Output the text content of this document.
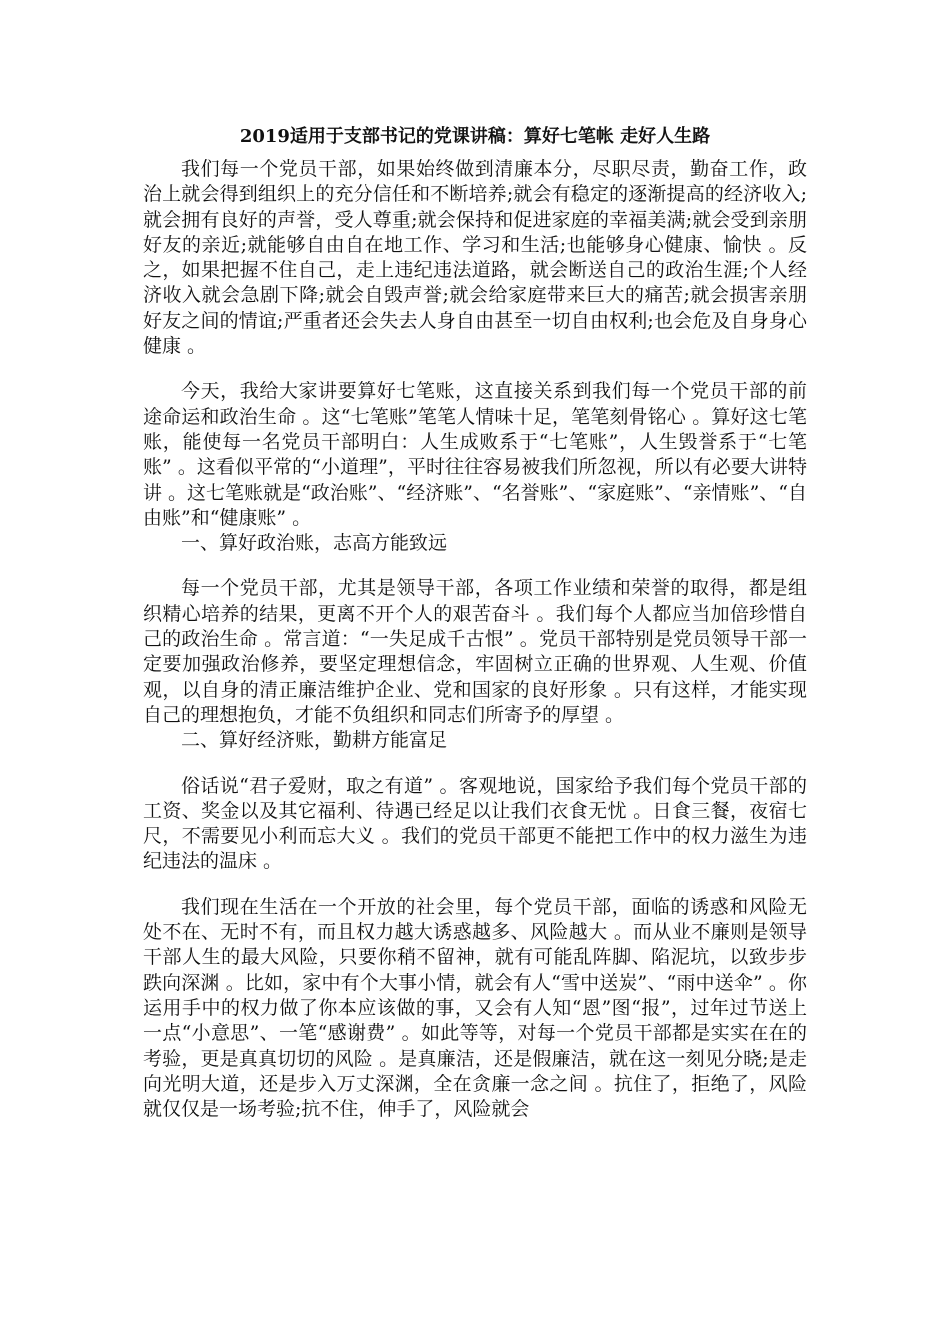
2019适用于支部书记的党课讲稿：算好七笔帐 走好人生路

我们每一个党员干部，如果始终做到清廉本分，尽职尽责，勤奋工作，政治上就会得到组织上的充分信任和不断培养;就会有稳定的逐渐提高的经济收入;就会拥有良好的声誉，受人尊重;就会保持和促进家庭的幸福美满;就会受到亲朋好友的亲近;就能够自由自在地工作、学习和生活;也能够身心健康、愉快 。反之，如果把握不住自己，走上违纪违法道路，就会断送自己的政治生涯;个人经济收入就会急剧下降;就会自毁声誉;就会给家庭带来巨大的痛苦;就会损害亲朋好友之间的情谊;严重者还会失去人身自由甚至一切自由权利;也会危及自身身心健康 。

今天，我给大家讲要算好七笔账，这直接关系到我们每一个党员干部的前途命运和政治生命 。这“七笔账”笔笔人情味十足，笔笔刻骨铭心 。算好这七笔账，能使每一名党员干部明白：人生成败系于“七笔账”，人生毁誉系于“七笔账” 。这看似平常的“小道理”，平时往往容易被我们所忽视，所以有必要大讲特讲 。这七笔账就是“政治账”、“经济账”、“名誉账”、“家庭账”、“亲情账”、“自由账”和“健康账” 。

一、算好政治账，志高方能致远

每一个党员干部，尤其是领导干部，各项工作业绩和荣誉的取得，都是组织精心培养的结果，更离不开个人的艰苦奋斗 。我们每个人都应当加倍珍惜自己的政治生命 。常言道：“一失足成千古恨” 。党员干部特别是党员领导干部一定要加强政治修养，要坚定理想信念，牢固树立正确的世界观、人生观、价值观，以自身的清正廉洁维护企业、党和国家的良好形象 。只有这样，才能实现自己的理想抱负，才能不负组织和同志们所寄予的厚望 。

二、算好经济账，勤耕方能富足

俗话说“君子爱财，取之有道” 。客观地说，国家给予我们每个党员干部的工资、奖金以及其它福利、待遇已经足以让我们衣食无忧 。日食三餐，夜宿七尺，不需要见小利而忘大义 。我们的党员干部更不能把工作中的权力滋生为违纪违法的温床 。

我们现在生活在一个开放的社会里，每个党员干部，面临的诱惑和风险无处不在、无时不有，而且权力越大诱惑越多、风险越大 。而从业不廉则是领导干部人生的最大风险，只要你稍不留神，就有可能乱阵脚、陷泥坑，以致步步跌向深渊 。比如，家中有个大事小情，就会有人“雪中送炭”、“雨中送伞” 。你运用手中的权力做了你本应该做的事，又会有人知“恩”图“报”，过年过节送上一点“小意思”、一笔“感谢费” 。如此等等，对每一个党员干部都是实实在在的考验，更是真真切切的风险 。是真廉洁，还是假廉洁，就在这一刻见分晓;是走向光明大道，还是步入万丈深渊，全在贪廉一念之间 。抗住了，拒绝了，风险就仅仅是一场考验;抗不住，伸手了，风险就会
